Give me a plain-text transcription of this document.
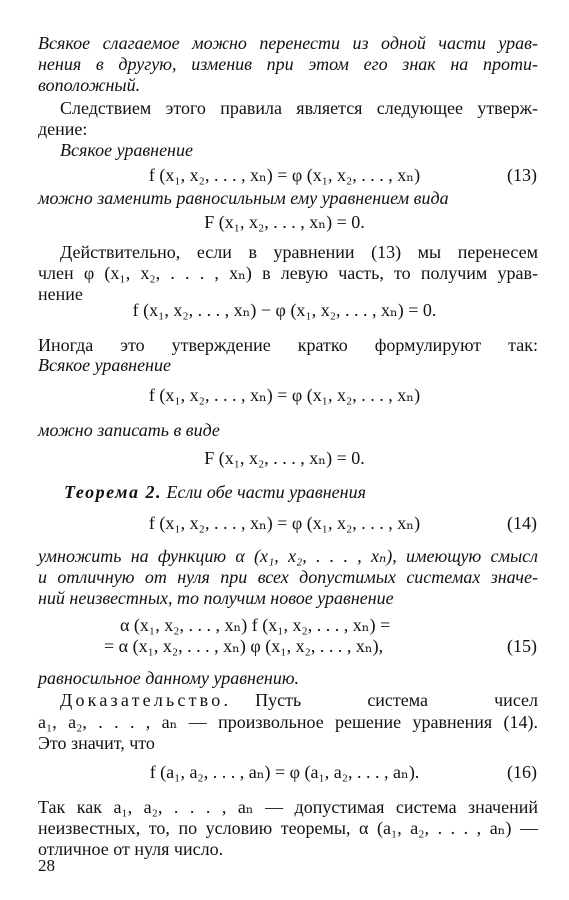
Всякое слагаемое можно перенести из одной части урав-
нения в другую, изменив при этом его знак на проти-
воположный.
Следствием этого правила является следующее утверж-
дение:
Всякое уравнение
f (x₁, x₂, . . . , xₙ) = φ (x₁, x₂, . . . , xₙ)	(13)
можно заменить равносильным ему уравнением вида
F (x₁, x₂, . . . , xₙ) = 0.
Действительно, если в уравнении (13) мы перенесем
член φ (x₁, x₂, . . . , xₙ) в левую часть, то получим урав-
нение
f (x₁, x₂, . . . , xₙ) − φ (x₁, x₂, . . . , xₙ) = 0.
Иногда это утверждение кратко формулируют так:
Всякое уравнение
f (x₁, x₂, . . . , xₙ) = φ (x₁, x₂, . . . , xₙ)
можно записать в виде
F (x₁, x₂, . . . , xₙ) = 0.
Теорема 2. Если обе части уравнения
f (x₁, x₂, . . . , xₙ) = φ (x₁, x₂, . . . , xₙ)	(14)
умножить на функцию α (x₁, x₂, . . . , xₙ), имеющую смысл
и отличную от нуля при всех допустимых системах значе-
ний неизвестных, то получим новое уравнение
α (x₁, x₂, . . . , xₙ) f (x₁, x₂, . . . , xₙ) =
= α (x₁, x₂, . . . , xₙ) φ (x₁, x₂, . . . , xₙ),	(15)
равносильное данному уравнению.
Доказательство. Пусть система чисел
a₁, a₂, . . . , aₙ — произвольное решение уравнения (14).
Это значит, что
f (a₁, a₂, . . . , aₙ) = φ (a₁, a₂, . . . , aₙ).	(16)
Так как a₁, a₂, . . . , aₙ — допустимая система значений
неизвестных, то, по условию теоремы, α (a₁, a₂, . . . , aₙ) —
отличное от нуля число.
28
